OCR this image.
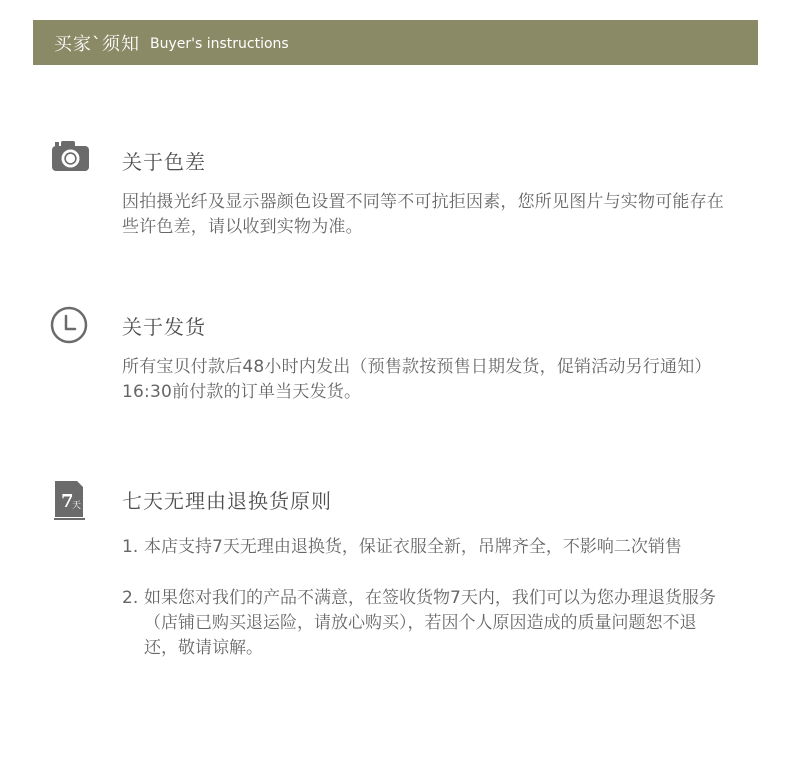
买家`须知 Buyer's instructions
关于色差
因拍摄光纤及显示器颜色设置不同等不可抗拒因素，您所见图片与实物可能存在些许色差，请以收到实物为准。
关于发货
所有宝贝付款后48小时内发出（预售款按预售日期发货，促销活动另行通知）16:30前付款的订单当天发货。
7
天 七天无理由退换货原则
1. 本店支持7天无理由退换货，保证衣服全新，吊牌齐全，不影响二次销售
2. 如果您对我们的产品不满意，在签收货物7天内，我们可以为您办理退货服务（店铺已购买退运险，请放心购买），若因个人原因造成的质量问题恕不退还，敬请谅解。
